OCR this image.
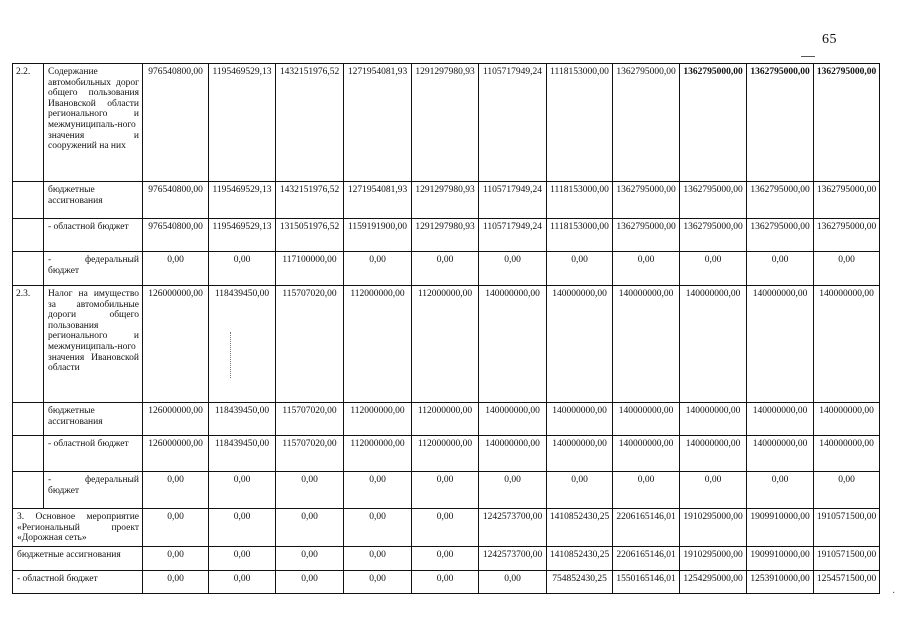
65
2.2.	Содержание автомобильных дорог общего пользования Ивановской области регионального и межмуниципаль-ного значения и сооружений на них	976540800,00	1195469529,13	1432151976,52	1271954081,93	1291297980,93	1105717949,24	1118153000,00	1362795000,00	1362795000,00	1362795000,00	1362795000,00
	бюджетные ассигнования	976540800,00	1195469529,13	1432151976,52	1271954081,93	1291297980,93	1105717949,24	1118153000,00	1362795000,00	1362795000,00	1362795000,00	1362795000,00
	- областной бюджет	976540800,00	1195469529,13	1315051976,52	1159191900,00	1291297980,93	1105717949,24	1118153000,00	1362795000,00	1362795000,00	1362795000,00	1362795000,00
	- федеральный бюджет	0,00	0,00	117100000,00	0,00	0,00	0,00	0,00	0,00	0,00	0,00	0,00
2.3.	Налог на имущество за автомобильные дороги общего пользования регионального и межмуниципаль-ного значения Ивановской области	126000000,00	118439450,00	115707020,00	112000000,00	112000000,00	140000000,00	140000000,00	140000000,00	140000000,00	140000000,00	140000000,00
	бюджетные ассигнования	126000000,00	118439450,00	115707020,00	112000000,00	112000000,00	140000000,00	140000000,00	140000000,00	140000000,00	140000000,00	140000000,00
	- областной бюджет	126000000,00	118439450,00	115707020,00	112000000,00	112000000,00	140000000,00	140000000,00	140000000,00	140000000,00	140000000,00	140000000,00
	- федеральный бюджет	0,00	0,00	0,00	0,00	0,00	0,00	0,00	0,00	0,00	0,00	0,00
3. Основное мероприятие «Региональный проект «Дорожная сеть»		0,00	0,00	0,00	0,00	0,00	1242573700,00	1410852430,25	2206165146,01	1910295000,00	1909910000,00	1910571500,00
бюджетные ассигнования		0,00	0,00	0,00	0,00	0,00	1242573700,00	1410852430,25	2206165146,01	1910295000,00	1909910000,00	1910571500,00
- областной бюджет		0,00	0,00	0,00	0,00	0,00	0,00	754852430,25	1550165146,01	1254295000,00	1253910000,00	1254571500,00
·
